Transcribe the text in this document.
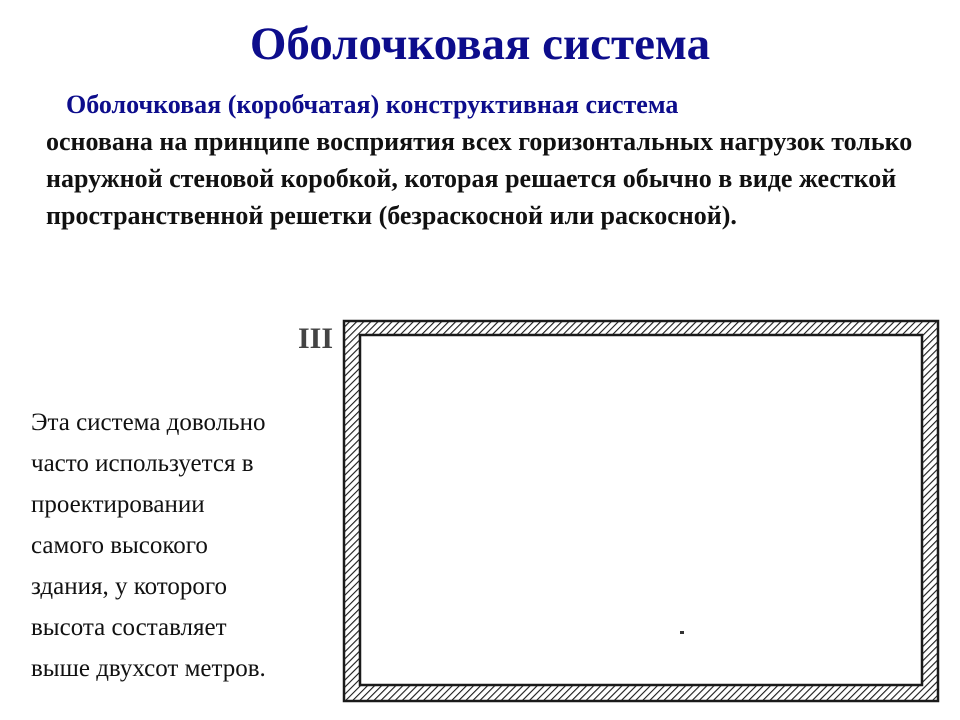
Оболочковая система

Оболочковая (коробчатая) конструктивная система
основана на принципе восприятия всех горизонтальных нагрузок только наружной стеновой коробкой, которая решается обычно в виде жесткой пространственной решетки (безраскосной или раскосной).

Эта система довольно
часто используется в
проектировании
самого высокого
здания, у которого
высота составляет
выше двухсот метров.

III
